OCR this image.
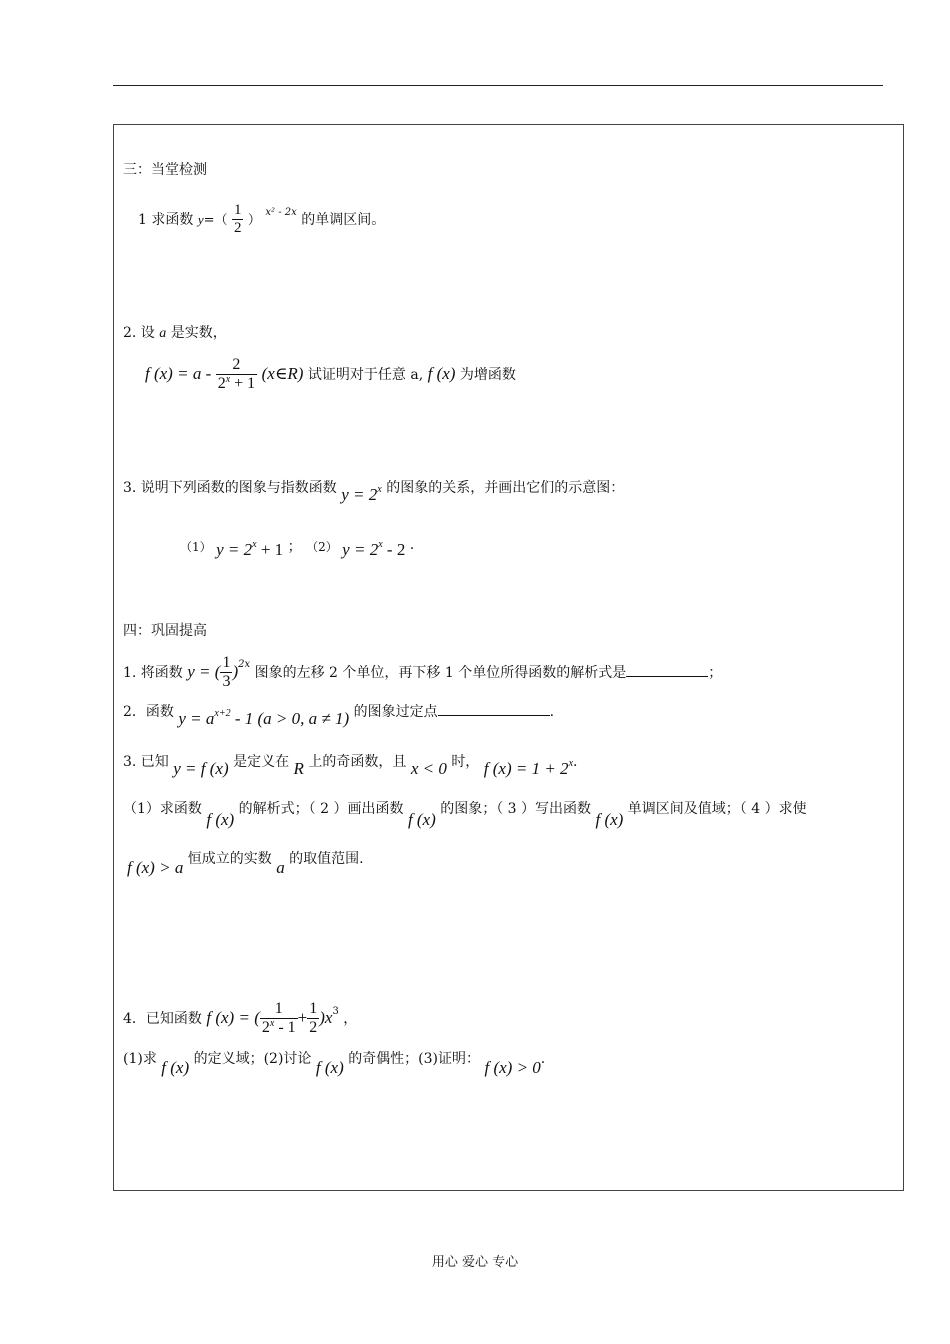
三：当堂检测
1 求函数 $y=( \frac{1}{2}$ ） $^{x^2 - 2x}$ 的单调区间。
2. 设 a 是实数，
f $(x) = a - \frac{2}{2^x + 1}$ (x∈R) 试证明对于任意 a, f (x) 为增函数
3. 说明下列函数的图象与指数函数 $y = 2^x$ 的图象的关系，并画出它们的示意图：
（1） $y = 2^x + 1$ ； （2） $y = 2^x - 2$ .
四：巩固提高
1. 将函数 y = ( $\frac{1}{3} )^{2x}$ 图象的左移 2 个单位，再下移 1 个单位所得函数的解析式是	；
2．函数 $y = a^{x+2} - 1$ (a > 0, a ≠ 1) 的图象过定点	.
3. 已知 y = f (x) 是定义在 R 上的奇函数，且 x < 0 时， f $(x) = 1 + 2^x$.
（1）求函数 f (x) 的解析式；（ 2 ）画出函数 f (x) 的图象；（ 3 ）写出函数 f (x) 单调区间及值域；（ 4 ）求使
f (x) > a 恒成立的实数 a 的取值范围.
4．已知函数 f (x) = ( $\frac{1}{2^x - 1} + \frac{1}{2} )x^3$ ，
(1)求 f (x) 的定义域；(2)讨论 f (x) 的奇偶性；(3)证明： f (x) > 0.
用心 爱心 专心
